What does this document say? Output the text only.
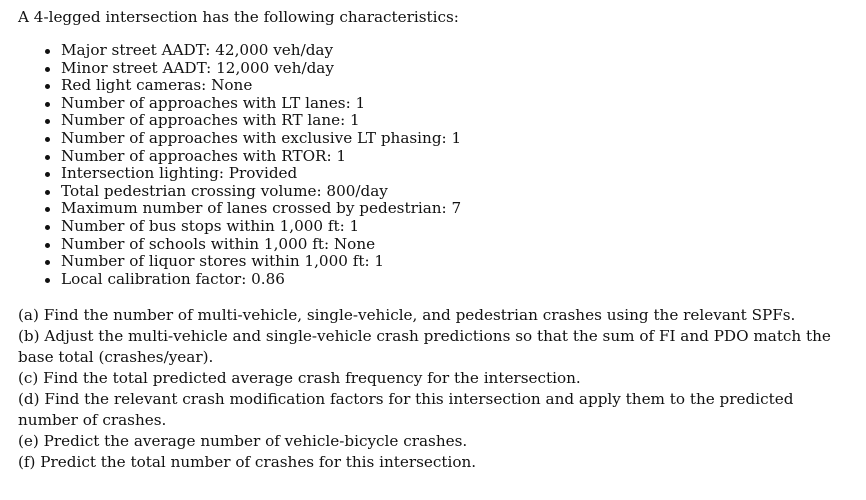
A 4-legged intersection has the following characteristics:

Major street AADT: 42,000 veh/day
Minor street AADT: 12,000 veh/day
Red light cameras: None
Number of approaches with LT lanes: 1
Number of approaches with RT lane: 1
Number of approaches with exclusive LT phasing: 1
Number of approaches with RTOR: 1
Intersection lighting: Provided
Total pedestrian crossing volume: 800/day
Maximum number of lanes crossed by pedestrian: 7
Number of bus stops within 1,000 ft: 1
Number of schools within 1,000 ft: None
Number of liquor stores within 1,000 ft: 1
Local calibration factor: 0.86

(a) Find the number of multi-vehicle, single-vehicle, and pedestrian crashes using the relevant SPFs.

(b) Adjust the multi-vehicle and single-vehicle crash predictions so that the sum of FI and PDO match the base total (crashes/year).

(c) Find the total predicted average crash frequency for the intersection.

(d) Find the relevant crash modification factors for this intersection and apply them to the predicted number of crashes.

(e) Predict the average number of vehicle-bicycle crashes.

(f) Predict the total number of crashes for this intersection.
